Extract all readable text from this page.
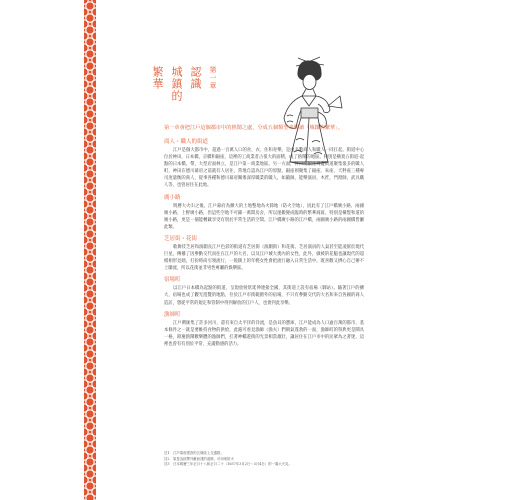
第一章
認識
城鎮的
繁華
第一章會把江戶這個都市中的熱鬧之處，分成五個類型來解讀「城鎮的繁華」。
商人・職人的街道

江戶是個大都市中，超過一百萬人口的食、衣、住和育樂，是由多數商人和職人一同扛起。街道中心位於神田，日本橋，京橋和銀座，這裡的工商業者占很大的面積，成了熱鬧的地區，特別是橫寬五街道-起點的日本橋，帶，大型店面林立，是江戶第一商業地區。另一方面，神田或銀座周邊街道聚集很多的職人町，神田在德川幕府之前就有人居住，常地自認為江戶的原點，銀座則聚集了銀座、朱座、天秤座三種專司度量衡的商人，從事各種和德川幕府關係深厚職業的職人，如鍛師，能樂演員，木匠，門窗師，武具職人等，也曾居住在此地。

廣小路

明曆大火⑴之後，江戶幕府為擴大的土地整地為火除地（防火空地），因此有了江戶橋廣小路，兩國廣小路，上野廣小路，但這些空地不可鋪一萬間房舍，所以運搬變成臨時的繁華商區，特別是橫豎和道的廣小路，更是一個能轉載享受有別於平常生活的空間。江戶橋廣小路的江戶橋，兩國廣小路的兩國橋皆屬此類。

芝居街・花街

歌舞伎芝居和演劇長江戶色彩的街道有芝居街（演劇街）和花街。芝居演員的人氣甚至能凌駕於現代巨星，傳播了因參勤交代而往在江戶的大名，以及江戶城大奧內的女性，此外，做被的花魁也讓現代的超模相形見絀，打扮時尚引領流行，一般鎮上的年輕女性會把流行融入日常生活中。既喜歡又擠心自己辦不上團流，所以花街並非男性專屬的娛樂區。

宿場町

以江戶日本橋為起點的街道，呈現放射狀延伸連接全國，其街道上設有宿場（驛站）。隨著江戶的擴大，宿場也成了觀光遊覽的地點，位於江戶市街範圍外的宿場，不只有參勤交代的大名和來自各國的商人造訪，想從平常的規定和管制中得到解放的江戶人，也會到此享樂。

漁師町

江戶灣匯集了許多河川，還有來自太平洋的洋流，是魚貝的寶庫，江戶能成為人口逾百萬的都市，基本條件之一就是要維持食物的供給，此處可看見漁師（漁夫）們朝氣蓬勃的一面，漁師町的祭典更是鬧具一格，節慶熱鬧歡樂體的漁師們，扛著神轎遊街的光景相當雄壯，讓居住在江戶市中的民眾為之著迷，這裡也曾有有別於平常，充滿動感的活力。

註1　江戶幕府建設的五條陸上交通路。
註2　原是為抵禦外敵而建的道路，可用來防火
註3　日本明曆三年正月十八和正月二十（1657年3月2日～3月4日）的一場大火災。
